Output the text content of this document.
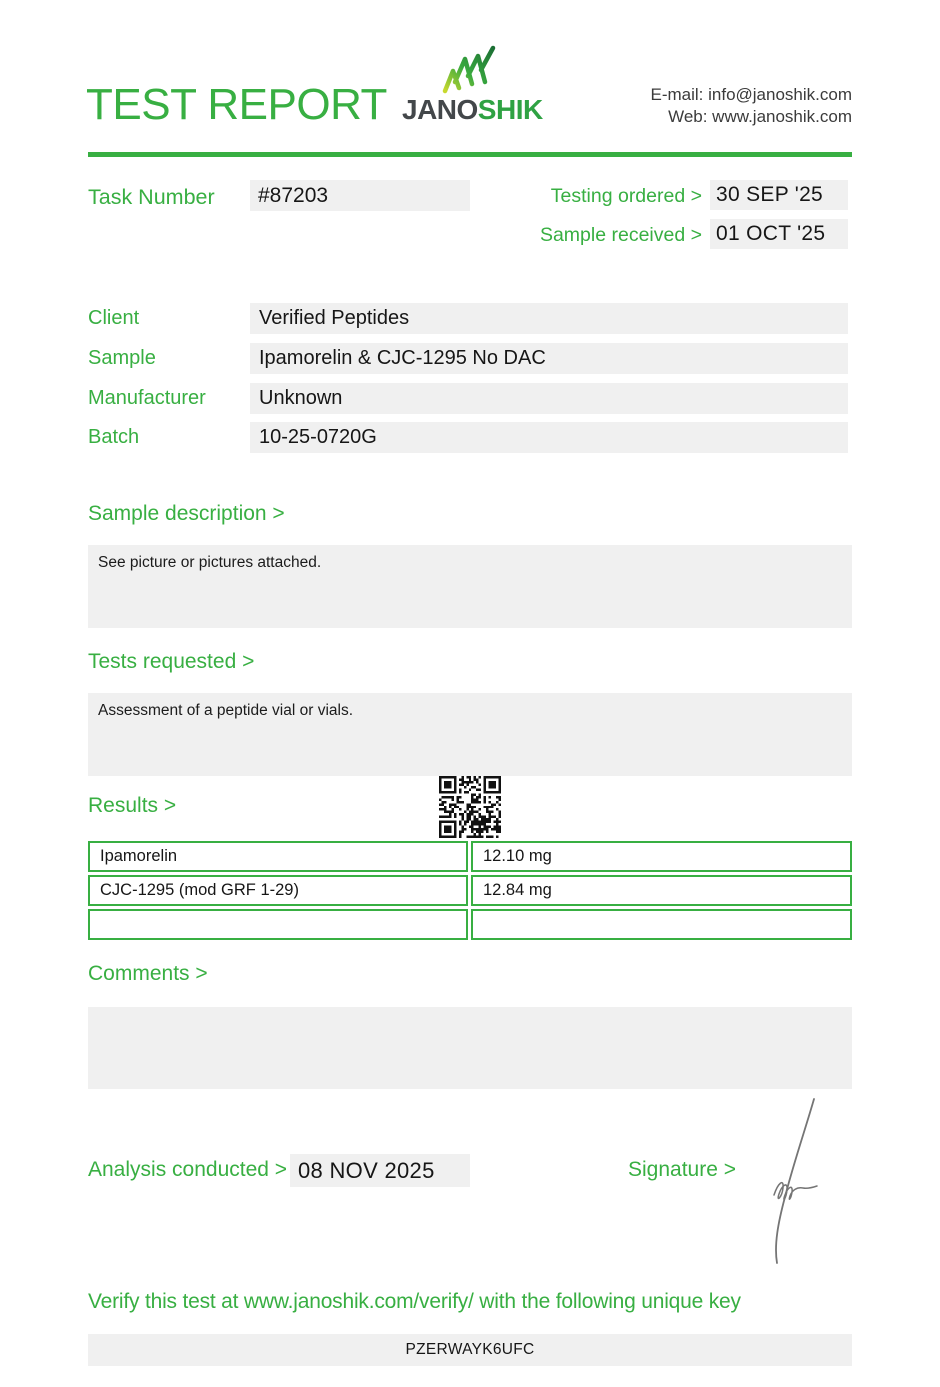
TEST REPORT JANOSHIK	E-mail: info@janoshik.com
Web: www.janoshik.com
Task Number	#87203	Testing ordered > 30 SEP '25
Sample received > 01 OCT '25
Client	Verified Peptides
Sample	Ipamorelin & CJC-1295 No DAC
Manufacturer	Unknown
Batch	10-25-0720G
Sample description >
See picture or pictures attached.
Tests requested >
Assessment of a peptide vial or vials.
Results >
Ipamorelin	12.10 mg
CJC-1295 (mod GRF 1-29)	12.84 mg
Comments >
Analysis conducted > 08 NOV 2025	Signature >
Verify this test at www.janoshik.com/verify/ with the following unique key
PZERWAYK6UFC
